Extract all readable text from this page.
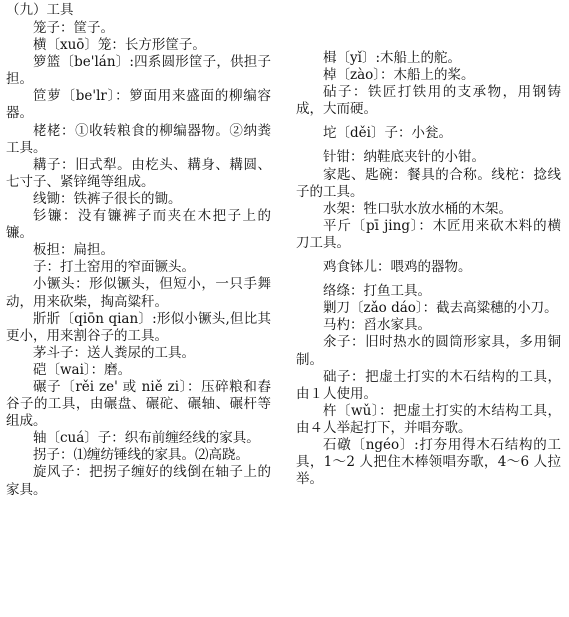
（九）工具

笼子：筐子。

横〔xuō〕笼：长方形筐子。

箩篮〔be'lán〕:四系圆形筐子，供担子担。

笸萝〔be'lr〕：箩面用来盛面的柳编容器。

栳栳：①收转粮食的柳编器物。②纳粪工具。

耩子：旧式犁。由杚头、耩身、耩圆、七寸子、紧锌绳等组成。

线锄：铁裤子很长的锄。

钐镰：没有镰裤子而夹在木把子上的镰。

板担：扁担。

子：打土窑用的窄面镢头。

小镢头：形似镢头，但短小，一只手舞动，用来砍柴，掏高粱秆。

斨斨〔qiōn qian〕:形似小镢头,但比其更小，用来割谷子的工具。

茅斗子：送人粪尿的工具。

硙〔wai〕：磨。

碾子〔rěi ze' 或 niě zi〕：压碎粮和舂谷子的工具，由碾盘、碾砣、碾轴、碾杆等组成。

轴〔cuá〕子：织布前缠经线的家具。

拐子：⑴缠纺锤线的家具。⑵高跷。

旋风子：把拐子缠好的线倒在轴子上的家具。

楫〔yǐ〕:木船上的舵。

棹〔zào〕：木船上的桨。

砧子：铁匠打铁用的支承物，用钢铸成，大而硬。

坨〔děi〕子：小瓮。

针钳：纳鞋底夹针的小钳。

家匙、匙碗：餐具的合称。线柁：捻线子的工具。

水架：牲口驮水放水桶的木架。

平斤〔pī jing〕：木匠用来砍木料的横刀工具。

鸡食钵儿：喂鸡的器物。

络绦：打鱼工具。

剿刀〔zǎo dáo〕：截去高粱穗的小刀。

马杓：舀水家具。

氽子：旧时热水的圆筒形家具，多用铜制。

础子：把虚土打实的木石结构的工具，由１人使用。

杵〔wǔ〕：把虚土打实的木结构工具，由４人举起打下，并唱夯歌。

石礅〔ngéo〕:打夯用得木石结构的工具，1～2 人把住木棒领唱夯歌，4～6 人拉举。
